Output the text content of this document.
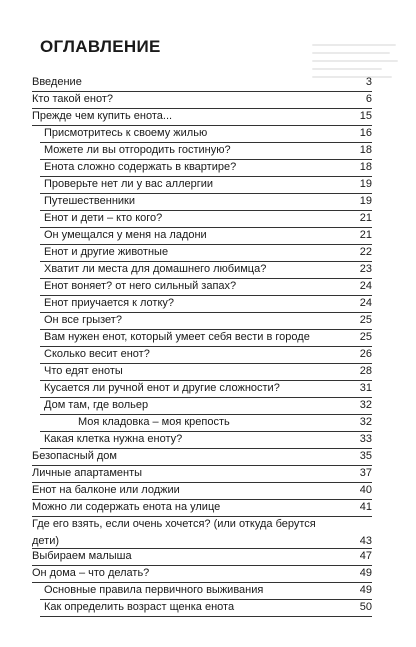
ОГЛАВЛЕНИЕ
Введение	3
Кто такой енот?	6
Прежде чем купить енота...	15
Присмотритесь к своему жилью	16
Можете ли вы отгородить гостиную?	18
Енота сложно содержать в квартире?	18
Проверьте нет ли у вас аллергии	19
Путешественники	19
Енот и дети – кто кого?	21
Он умещался у меня на ладони	21
Енот и другие животные	22
Хватит ли места для домашнего любимца?	23
Енот воняет? от него сильный запах?	24
Енот приучается к лотку?	24
Он все грызет?	25
Вам нужен енот, который умеет себя вести в городе	25
Сколько весит енот?	26
Что едят еноты	28
Кусается ли ручной енот и другие сложности?	31
Дом там, где вольер	32
Моя кладовка – моя крепость	32
Какая клетка нужна еноту?	33
Безопасный дом	35
Личные апартаменты	37
Енот на балконе или лоджии	40
Можно ли содержать енота на улице	41
Где его взять, если очень хочется? (или откуда берутся
дети)	43
Выбираем малыша	47
Он дома – что делать?	49
Основные правила первичного выживания	49
Как определить возраст щенка енота	50
